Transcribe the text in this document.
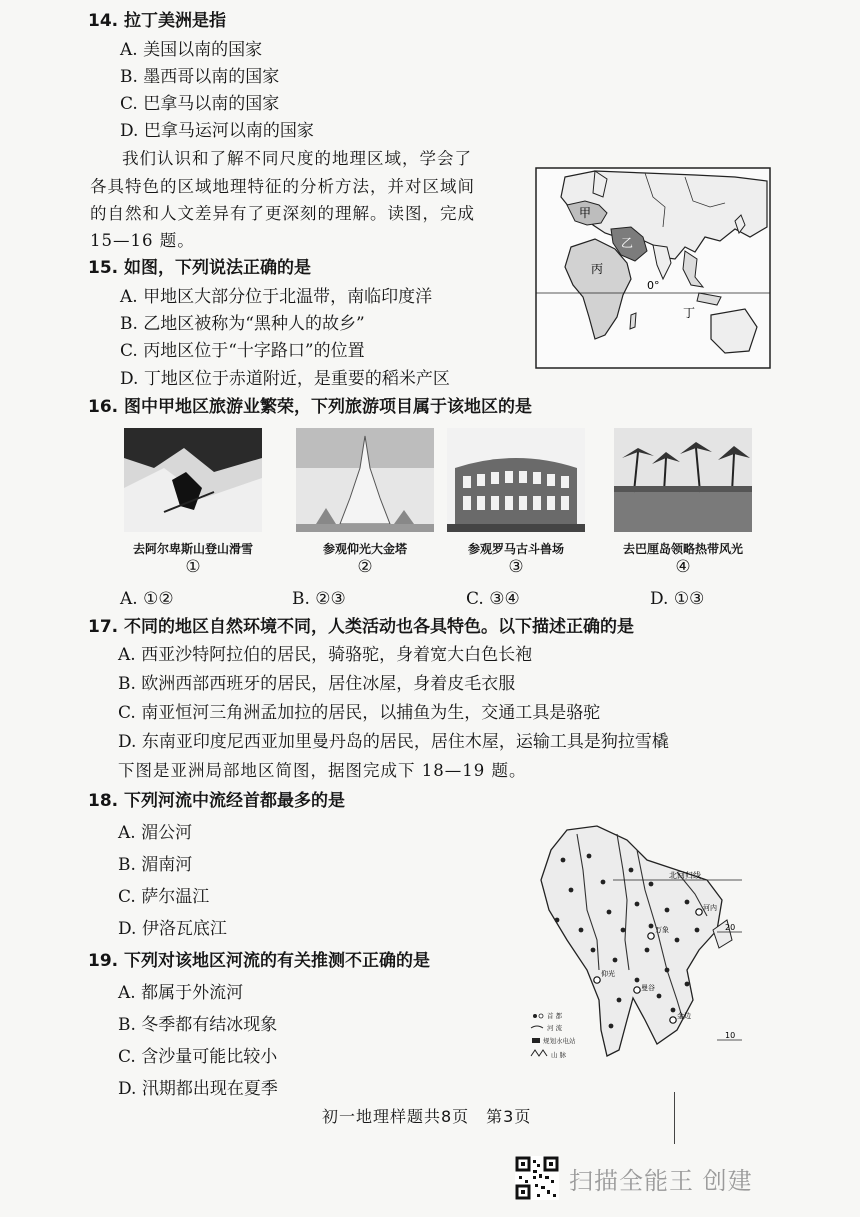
14. 拉丁美洲是指
A. 美国以南的国家
B. 墨西哥以南的国家
C. 巴拿马以南的国家
D. 巴拿马运河以南的国家
我们认识和了解不同尺度的地理区域，学会了
各具特色的区域地理特征的分析方法，并对区域间
的自然和人文差异有了更深刻的理解。读图，完成
15—16 题。
甲
乙
丙
丁
0°
15. 如图，下列说法正确的是
A. 甲地区大部分位于北温带，南临印度洋
B. 乙地区被称为“黑种人的故乡”
C. 丙地区位于“十字路口”的位置
D. 丁地区位于赤道附近，是重要的稻米产区
16. 图中甲地区旅游业繁荣，下列旅游项目属于该地区的是
去阿尔卑斯山登山滑雪
①
参观仰光大金塔
②
参观罗马古斗兽场
③
去巴厘岛领略热带风光
④
A. ①②	B. ②③	C. ③④	D. ①③
17. 不同的地区自然环境不同，人类活动也各具特色。以下描述正确的是
A. 西亚沙特阿拉伯的居民，骑骆驼，身着宽大白色长袍
B. 欧洲西部西班牙的居民，居住冰屋，身着皮毛衣服
C. 南亚恒河三角洲孟加拉的居民，以捕鱼为生，交通工具是骆驼
D. 东南亚印度尼西亚加里曼丹岛的居民，居住木屋，运输工具是狗拉雪橇
下图是亚洲局部地区简图，据图完成下 18—19 题。
18. 下列河流中流经首都最多的是
A. 湄公河
B. 湄南河
C. 萨尔温江
D. 伊洛瓦底江
北回归线
20
10
仰光
万象
曼谷
金边
河内
首 都
河 流
规划水电站
山 脉
19. 下列对该地区河流的有关推测不正确的是
A. 都属于外流河
B. 冬季都有结冰现象
C. 含沙量可能比较小
D. 汛期都出现在夏季
初一地理样题共8页　第3页
扫描全能王 创建
